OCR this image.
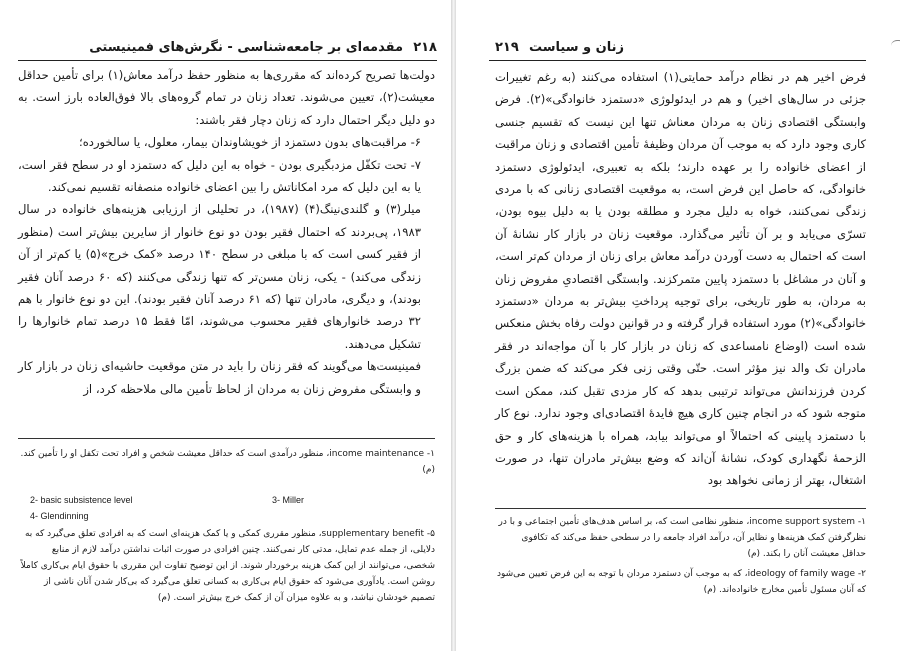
۲۱۸
مقدمه‌ای بر جامعه‌شناسی - نگرش‌های فمینیستی

دولت‌ها تصریح کرده‌اند که مقرری‌ها به منظور حفظ درآمد معاش(۱) برای تأمین حداقل معیشت(۲)، تعیین می‌شوند. تعداد زنان در تمام گروه‌های بالا فوق‌العاده بارز است. به دو دلیل دیگر احتمال دارد که زنان دچار فقر باشند:

۶- مراقبت‌های بدون دستمزد از خویشاوندان بیمار، معلول، یا سالخورده؛

۷- تحت تکفّل مزدبگیری بودن - خواه به این دلیل که دستمزد او در سطح فقر است، یا به این دلیل که مرد امکاناتش را بین اعضای خانواده منصفانه تقسیم نمی‌کند.

میلر(۳) و گلندی‌نینگ(۴) (۱۹۸۷)، در تحلیلی از ارزیابی هزینه‌های خانواده در سال ۱۹۸۳، پی‌بردند که احتمال فقیر بودن دو نوع خانوار از سایرین بیش‌تر است (منظور از فقیر کسی است که با مبلغی در سطح ۱۴۰ درصد «کمک خرج»(۵) یا کم‌تر از آن زندگی می‌کند) - یکی، زنان مسن‌تر که تنها زندگی می‌کنند (که ۶۰ درصد آنان فقیر بودند)، و دیگری، مادران تنها (که ۶۱ درصد آنان فقیر بودند). این دو نوع خانوار با هم ۳۲ درصد خانوارهای فقیر محسوب می‌شوند، امّا فقط ۱۵ درصد تمام خانوارها را تشکیل می‌دهند.

فمینیست‌ها می‌گویند که فقر زنان را باید در متن موقعیت حاشیه‌ای زنان در بازار کار و وابستگی مفروض زنان به مردان از لحاظ تأمین مالی ملاحظه کرد، از

۱- income maintenance، منظور درآمدی است که حداقل معیشت شخص و افراد تحت تکفل او را تأمین کند. (م)
2- basic subsistence level	3- Miller
4- Glendinning
۵- supplementary benefit، منظور مقرری کمکی و یا کمک هزینه‌ای است که به افرادی تعلق می‌گیرد که به دلایلی، از جمله عدم تمایل، مدتی کار نمی‌کنند. چنین افرادی در صورت اثبات نداشتن درآمد لازم از منابع شخصی، می‌توانند از این کمک هزینه برخوردار شوند. از این توضیح تفاوت این مقرری با حقوق ایام بی‌کاری کاملاً روشن است. یادآوری می‌شود که حقوق ایام بی‌کاری به کسانی تعلق می‌گیرد که بی‌کار شدن آنان ناشی از تصمیم خودشان نباشد، و به علاوه میزان آن از کمک خرج بیش‌تر است. (م)
۲۱۹ زنان و سیاست

فرض اخیر هم در نظام درآمد حمایتی(۱) استفاده می‌کنند (به رغم تغییرات جزئی در سال‌های اخیر) و هم در ایدئولوژی «دستمزد خانوادگی»(۲). فرض وابستگی اقتصادی زنان به مردان معناش تنها این نیست که تقسیم جنسی کاری وجود دارد که به موجب آن مردان وظیفهٔ تأمین اقتصادی و زنان مراقبت از اعضای خانواده را بر عهده دارند؛ بلکه به تعبیری، ایدئولوژی دستمزد خانوادگی، که حاصل این فرض است، به موقعیت اقتصادی زنانی که با مردی زندگی نمی‌کنند، خواه به دلیل مجرد و مطلقه بودن یا به دلیل بیوه بودن، تسرّی می‌یابد و بر آن تأثیر می‌گذارد. موقعیت زنان در بازار کار نشانهٔ آن است که احتمال به دست آوردن درآمد معاش برای زنان از مردان کم‌تر است، و آنان در مشاغل با دستمزد پایین متمرکزند. وابستگی اقتصادیِ مفروض زنان به مردان، به طور تاریخی، برای توجیه پرداختِ بیش‌تر به مردان «دستمزد خانوادگی»(۲) مورد استفاده قرار گرفته و در قوانین دولت رفاه بخش منعکس شده است (اوضاع نامساعدی که زنان در بازار کار با آن مواجه‌اند در فقر مادران تک والد نیز مؤثر است. حتّی وقتی زنی فکر می‌کند که ضمن بزرگ کردن فرزندانش می‌تواند ترتیبی بدهد که کار مزدی تقبل کند، ممکن است متوجه شود که در انجام چنین کاری هیچ فایدهٔ اقتصادی‌ای وجود ندارد. نوع کار با دستمزد پایینی که احتمالاً او می‌تواند بیابد، همراه با هزینه‌های کار و حق الزحمهٔ نگهداری کودک، نشانهٔ آن‌اند که وضع بیش‌تر مادران تنها، در صورت اشتغال، بهتر از زمانی نخواهد بود

۱- income support system، منظور نظامی است که، بر اساس هدف‌های تأمین اجتماعی و با در نظرگرفتن کمک هزینه‌ها و نظایر آن، درآمد افراد جامعه را در سطحی حفظ می‌کند که تکافوی حداقل معیشت آنان را بکند. (م)
۲- ideology of family wage، که به موجب آن دستمزد مردان با توجه به این فرض تعیین می‌شود که آنان مسئول تأمین مخارج خانواده‌اند. (م)
